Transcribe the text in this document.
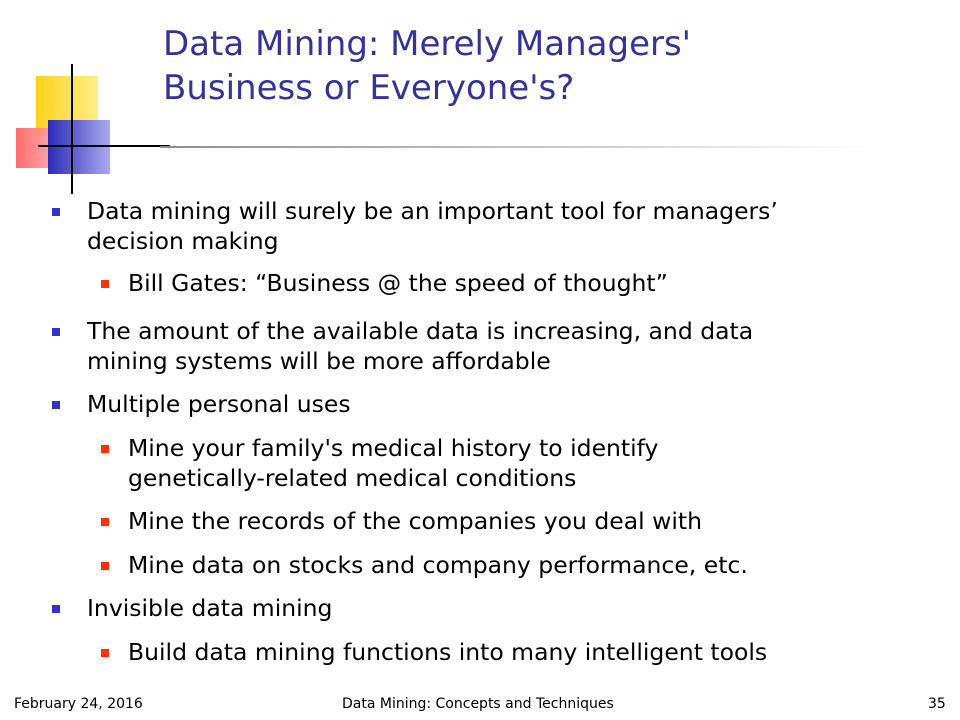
Data Mining: Merely Managers'
Business or Everyone's?
Data mining will surely be an important tool for managers’
decision making
Bill Gates: “Business @ the speed of thought”
The amount of the available data is increasing, and data
mining systems will be more affordable
Multiple personal uses
Mine your family's medical history to identify
genetically-related medical conditions
Mine the records of the companies you deal with
Mine data on stocks and company performance, etc.
Invisible data mining
Build data mining functions into many intelligent tools
February 24, 2016	Data Mining: Concepts and Techniques	35
